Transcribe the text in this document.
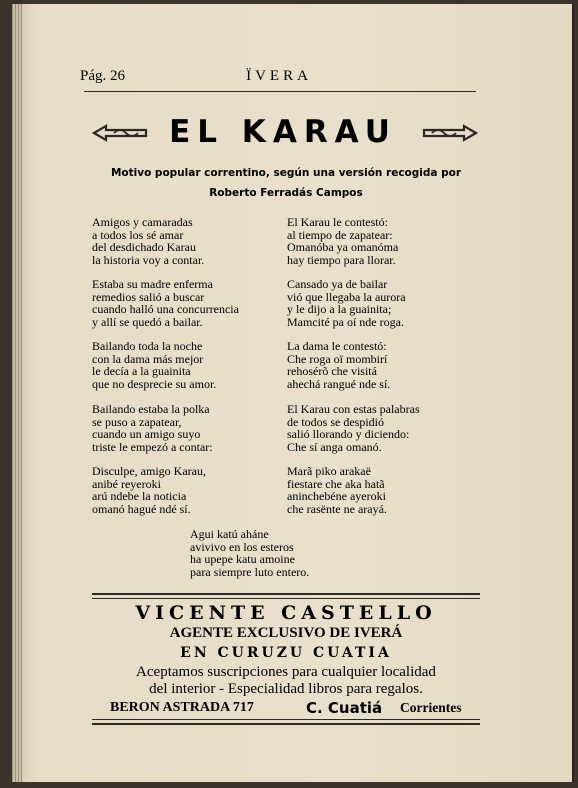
Pág. 26	ÏVERA
EL KARAU
Motivo popular correntino, según una versión recogida por
Roberto Ferradás Campos
Amigos y camaradas
a todos los sé amar
del desdichado Karau
la historia voy a contar.
Estaba su madre enferma
remedios salió a buscar
cuando halló una concurrencia
y allí se quedó a bailar.
Bailando toda la noche
con la dama más mejor
le decía a la guainita
que no desprecie su amor.
Bailando estaba la polka
se puso a zapatear,
cuando un amigo suyo
triste le empezó a contar:
Disculpe, amigo Karau,
anibé reyeroki
arú ndebe la noticia
omanó hagué ndé sí.
El Karau le contestó:
al tiempo de zapatear:
Omanóba ya omanóma
hay tiempo para llorar.
Cansado ya de bailar
vió que llegaba la aurora
y le dijo a la guainita;
Mamcité pa oí nde roga.
La dama le contestó:
Che roga oï mombirí
rehosérõ che visitá
ahechá rangué nde sí.
El Karau con estas palabras
de todos se despidió
salió llorando y diciendo:
Che sí anga omanó.
Marã piko arakaë
fiestare che aka hatã
aninchebéne ayeroki
che rasënte ne arayá.
Agui katú aháne
avivivo en los esteros
ha upepe katu amoine
para siempre luto entero.
VICENTE CASTELLO
AGENTE EXCLUSIVO DE IVERÁ
EN CURUZU CUATIA
Aceptamos suscripciones para cualquier localidad
del interior - Especialidad libros para regalos.
BERON ASTRADA 717	C. Cuatiá Corrientes
